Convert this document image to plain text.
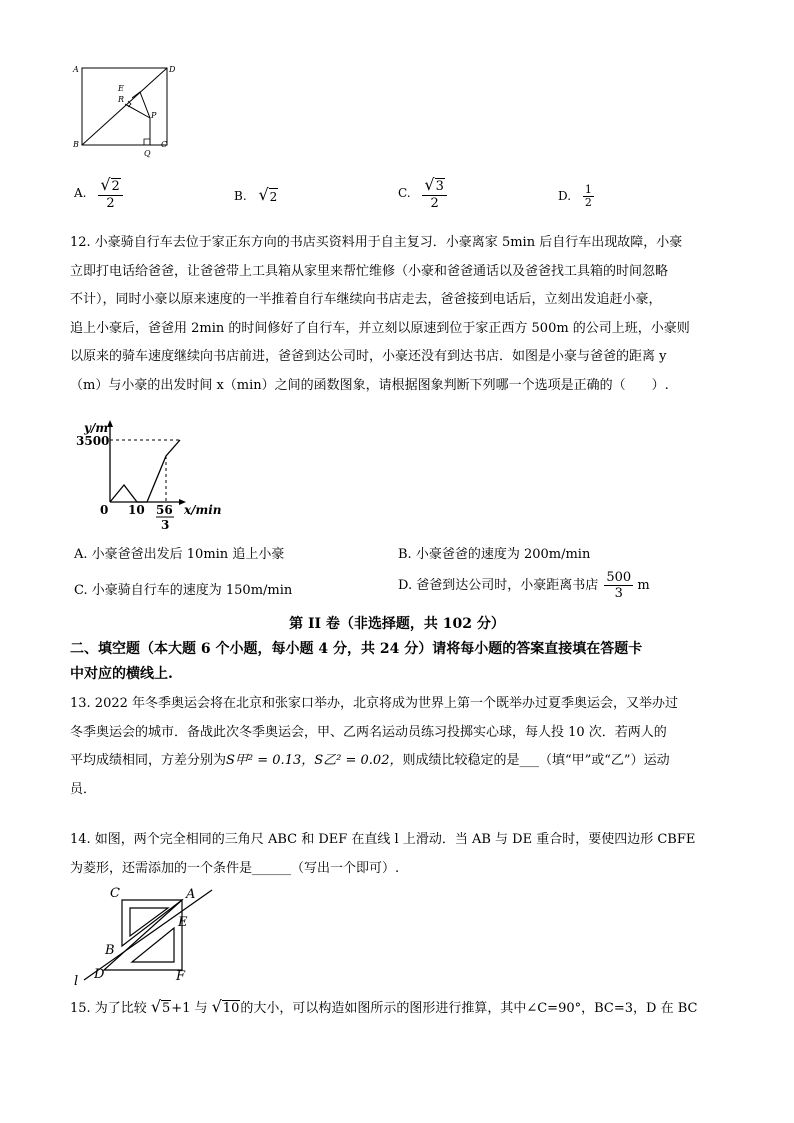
A	D
B	C
E
R
P
Q
A. $\frac{√ 2}{2}$	B. √ 2	C. $\frac{√ 3}{2}$	D. $\frac{1}{2}$
12. 小豪骑自行车去位于家正东方向的书店买资料用于自主复习．小豪离家 5min 后自行车出现故障，小豪
立即打电话给爸爸，让爸爸带上工具箱从家里来帮忙维修（小豪和爸爸通话以及爸爸找工具箱的时间忽略
不计），同时小豪以原来速度的一半推着自行车继续向书店走去，爸爸接到电话后，立刻出发追赶小豪，
追上小豪后，爸爸用 2min 的时间修好了自行车，并立刻以原速到位于家正西方 500m 的公司上班，小豪则
以原来的骑车速度继续向书店前进，爸爸到达公司时，小豪还没有到达书店．如图是小豪与爸爸的距离 y
（m）与小豪的出发时间 x（min）之间的函数图象，请根据图象判断下列哪一个选项是正确的（　　）.
y/m
3500
0 10 56
3
x/min
A. 小豪爸爸出发后 10min 追上小豪	B. 小豪爸爸的速度为 200m/min
C. 小豪骑自行车的速度为 150m/min	D. 爸爸到达公司时，小豪距离书店 $\frac{500}{3}$ m
第 II 卷（非选择题，共 102 分）
二、填空题（本大题 6 个小题，每小题 4 分，共 24 分）请将每小题的答案直接填在答题卡
中对应的横线上.
13. 2022 年冬季奥运会将在北京和张家口举办，北京将成为世界上第一个既举办过夏季奥运会，又举办过
冬季奥运会的城市．备战此次冬季奥运会，甲、乙两名运动员练习投掷实心球，每人投 10 次．若两人的
平均成绩相同，方差分别为S甲² = 0.13，S乙² = 0.02，则成绩比较稳定的是___（填“甲”或“乙”）运动
员．
14. 如图，两个完全相同的三角尺 ABC 和 DEF 在直线 l 上滑动．当 AB 与 DE 重合时，要使四边形 CBFE
为菱形，还需添加的一个条件是______（写出一个即可）.
C	A
E
B
D	F
l
15. 为了比较 √ 5 +1 与 √ 10 的大小，可以构造如图所示的图形进行推算，其中∠C=90°，BC=3，D 在 BC
